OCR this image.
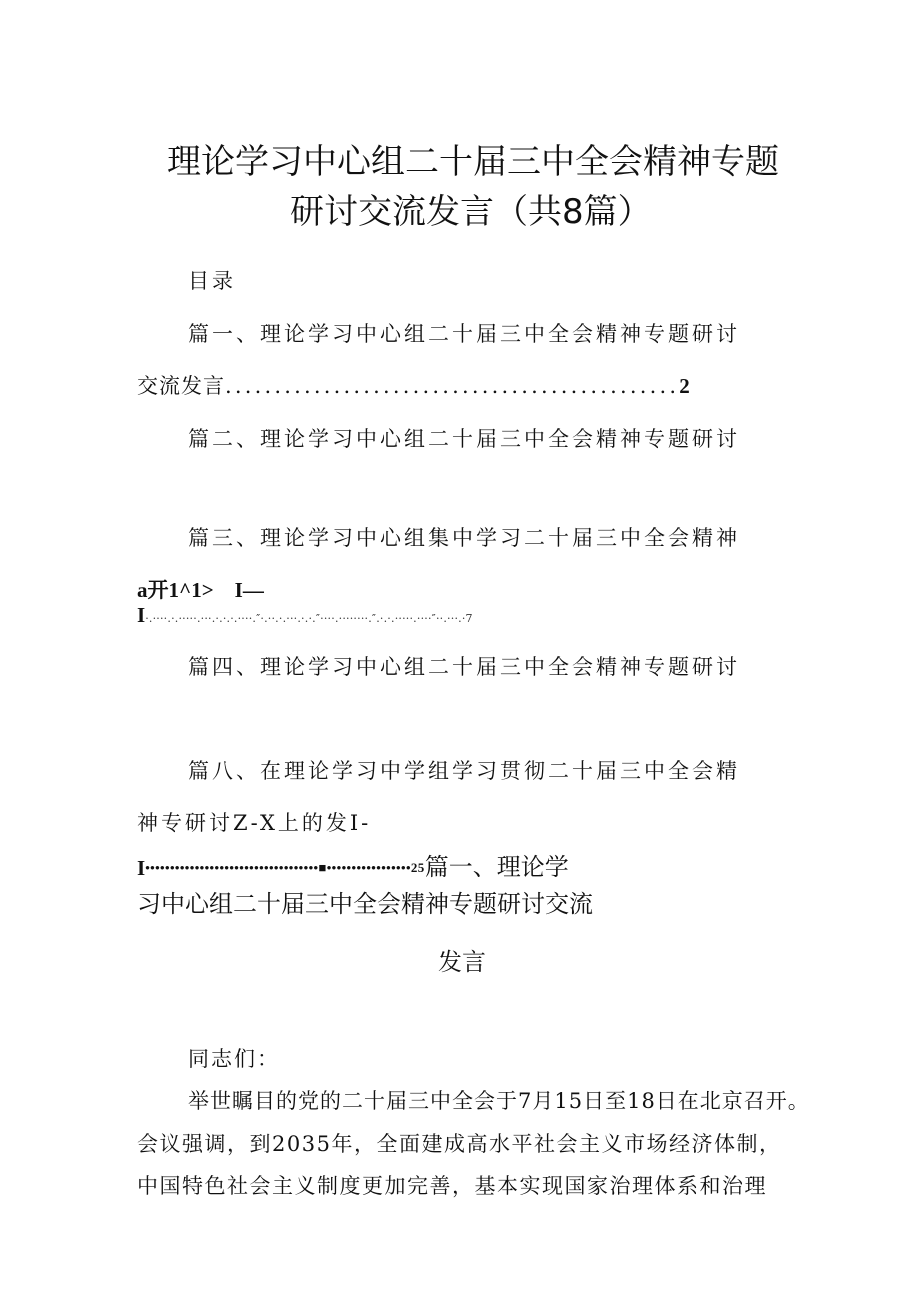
理论学习中心组二十届三中全会精神专题
研讨交流发言（共8篇）
目录
篇一、理论学习中心组二十届三中全会精神专题研讨
交流发言..............................................2
篇二、理论学习中心组二十届三中全会精神专题研讨
篇三、理论学习中心组集中学习二十届三中全会精神
a开1^1>　I—
I·.····.·.·····.···.·.·.·.····.″·.··.·.···.·.·.″····.········.″.·.·.·····.····″··.···.·7
篇四、理论学习中心组二十届三中全会精神专题研讨
篇八、在理论学习中学组学习贯彻二十届三中全会精
神专研讨Z-X上的发I-
I•••••••••••••••••••••••••••••••••••■•••••••••••••••••25篇一、理论学
习中心组二十届三中全会精神专题研讨交流
发言
同志们：
举世瞩目的党的二十届三中全会于7月15日至18日在北京召开。
会议强调，到2035年，全面建成高水平社会主义市场经济体制，
中国特色社会主义制度更加完善，基本实现国家治理体系和治理
